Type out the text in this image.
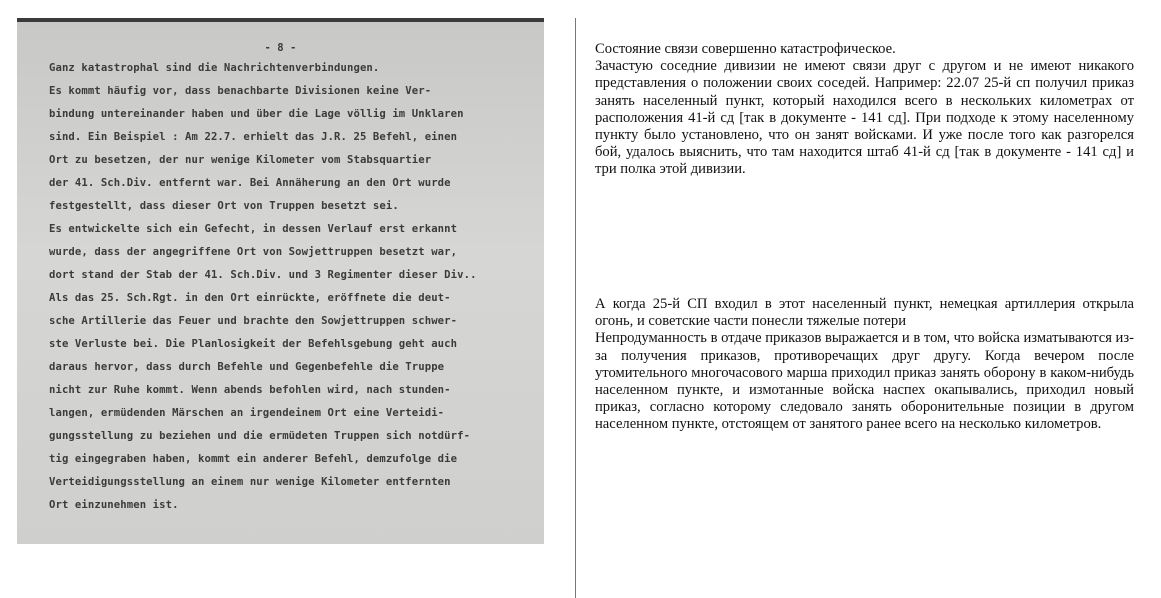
- 8 -
Ganz katastrophal sind die Nachrichtenverbindungen.
Es kommt häufig vor, dass benachbarte Divisionen keine Ver-
bindung untereinander haben und über die Lage völlig im Unklaren
sind. Ein Beispiel : Am 22.7. erhielt das J.R. 25 Befehl, einen
Ort zu besetzen, der nur wenige Kilometer vom Stabsquartier
der 41. Sch.Div. entfernt war. Bei Annäherung an den Ort wurde
festgestellt, dass dieser Ort von Truppen besetzt sei.
Es entwickelte sich ein Gefecht, in dessen Verlauf erst erkannt
wurde, dass der angegriffene Ort von Sowjettruppen besetzt war,
dort stand der Stab der 41. Sch.Div. und 3 Regimenter dieser Div..
Als das 25. Sch.Rgt. in den Ort einrückte, eröffnete die deut-
sche Artillerie das Feuer und brachte den Sowjettruppen schwer-
ste Verluste bei. Die Planlosigkeit der Befehlsgebung geht auch
daraus hervor, dass durch Befehle und Gegenbefehle die Truppe
nicht zur Ruhe kommt. Wenn abends befohlen wird, nach stunden-
langen, ermüdenden Märschen an irgendeinem Ort eine Verteidi-
gungsstellung zu beziehen und die ermüdeten Truppen sich notdürf-
tig eingegraben haben, kommt ein anderer Befehl, demzufolge die
Verteidigungsstellung an einem nur wenige Kilometer entfernten
Ort einzunehmen ist.

Состояние связи совершенно катастрофическое.

Зачастую соседние дивизии не имеют связи друг с другом и не имеют никакого представления о положении своих соседей. Например: 22.07 25-й сп получил приказ занять населенный пункт, который находился всего в нескольких километрах от расположения 41-й сд [так в документе - 141 сд]. При подходе к этому населенному пункту было установлено, что он занят войсками. И уже после того как разгорелся бой, удалось выяснить, что там находится штаб 41-й сд [так в документе - 141 сд] и три полка этой дивизии.

А когда 25-й СП входил в этот населенный пункт, немецкая артиллерия открыла огонь, и советские части понесли тяжелые потери

Непродуманность в отдаче приказов выражается и в том, что войска изматываются из-за получения приказов, противоречащих друг другу. Когда вечером после утомительного многочасового марша приходил приказ занять оборону в каком-нибудь населенном пункте, и измотанные войска наспех окапывались, приходил новый приказ, согласно которому следовало занять оборонительные позиции в другом населенном пункте, отстоящем от занятого ранее всего на несколько километров.
